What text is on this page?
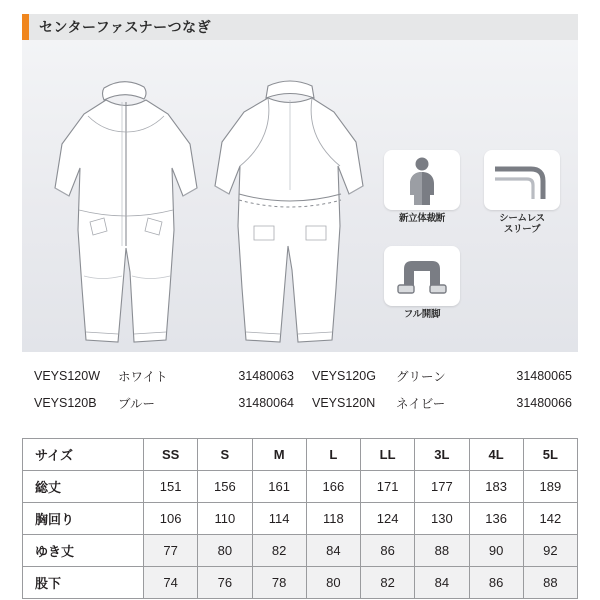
センターファスナーつなぎ
新立体裁断	シームレス
スリーブ
フル開脚
VEYS120W	ホワイト	31480063	VEYS120G	グリーン	31480065
VEYS120B	ブルー	31480064	VEYS120N	ネイビー	31480066
サイズ	SS	S	M	L	LL	3L	4L	5L
総丈	151	156	161	166	171	177	183	189
胸回り	106	110	114	118	124	130	136	142
ゆき丈	77	80	82	84	86	88	90	92
股下	74	76	78	80	82	84	86	88
